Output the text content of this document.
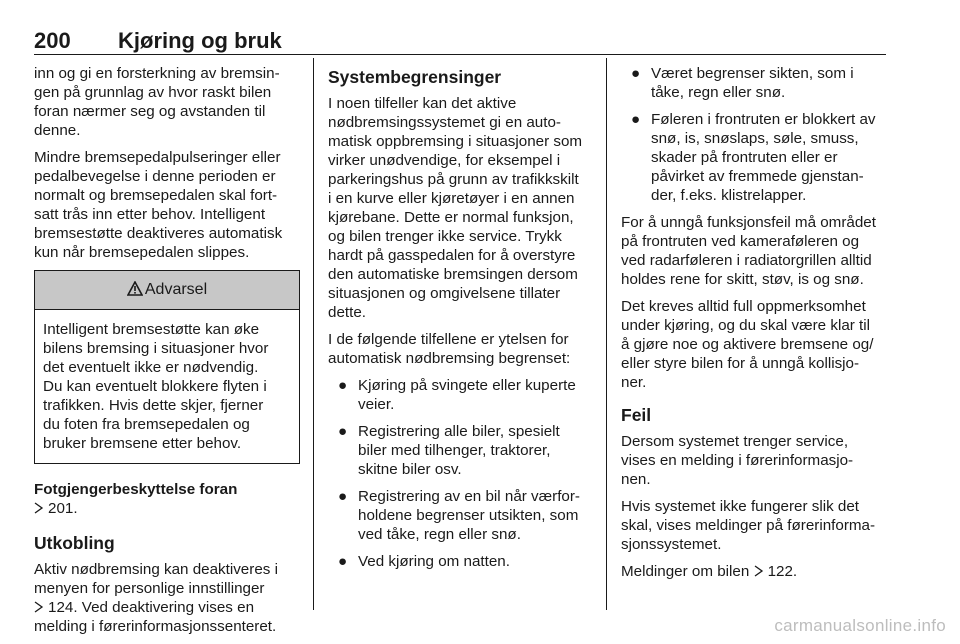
200 Kjøring og bruk

inn og gi en forsterkning av bremsin-
gen på grunnlag av hvor raskt bilen
foran nærmer seg og avstanden til
denne.

Mindre bremsepedalpulseringer eller
pedalbevegelse i denne perioden er
normalt og bremsepedalen skal fort-
satt trås inn etter behov. Intelligent
bremsestøtte deaktiveres automatisk
kun når bremsepedalen slippes.

Advarsel
Intelligent bremsestøtte kan øke
bilens bremsing i situasjoner hvor
det eventuelt ikke er nødvendig.
Du kan eventuelt blokkere flyten i
trafikken. Hvis dette skjer, fjerner
du foten fra bremsepedalen og
bruker bremsene etter behov.

Fotgjengerbeskyttelse foran
201.

Utkobling

Aktiv nødbremsing kan deaktiveres i
menyen for personlige innstillinger
124. Ved deaktivering vises en
melding i førerinformasjonssenteret.

Systembegrensinger

I noen tilfeller kan det aktive
nødbremsingssystemet gi en auto-
matisk oppbremsing i situasjoner som
virker unødvendige, for eksempel i
parkeringshus på grunn av trafikkskilt
i en kurve eller kjøretøyer i en annen
kjørebane. Dette er normal funksjon,
og bilen trenger ikke service. Trykk
hardt på gasspedalen for å overstyre
den automatiske bremsingen dersom
situasjonen og omgivelsene tillater
dette.

I de følgende tilfellene er ytelsen for
automatisk nødbremsing begrenset:

● Kjøring på svingete eller kuperte
veier.
● Registrering alle biler, spesielt
biler med tilhenger, traktorer,
skitne biler osv.
● Registrering av en bil når værfor-
holdene begrenser utsikten, som
ved tåke, regn eller snø.
● Ved kjøring om natten.
● Været begrenser sikten, som i
tåke, regn eller snø.
● Føleren i frontruten er blokkert av
snø, is, snøslaps, søle, smuss,
skader på frontruten eller er
påvirket av fremmede gjenstan-
der, f.eks. klistrelapper.

For å unngå funksjonsfeil må området
på frontruten ved kameraføleren og
ved radarføleren i radiatorgrillen alltid
holdes rene for skitt, støv, is og snø.

Det kreves alltid full oppmerksomhet
under kjøring, og du skal være klar til
å gjøre noe og aktivere bremsene og/
eller styre bilen for å unngå kollisjo-
ner.

Feil

Dersom systemet trenger service,
vises en melding i førerinformasjo-
nen.

Hvis systemet ikke fungerer slik det
skal, vises meldinger på førerinforma-
sjonssystemet.

Meldinger om bilen 122.

carmanualsonline.info
